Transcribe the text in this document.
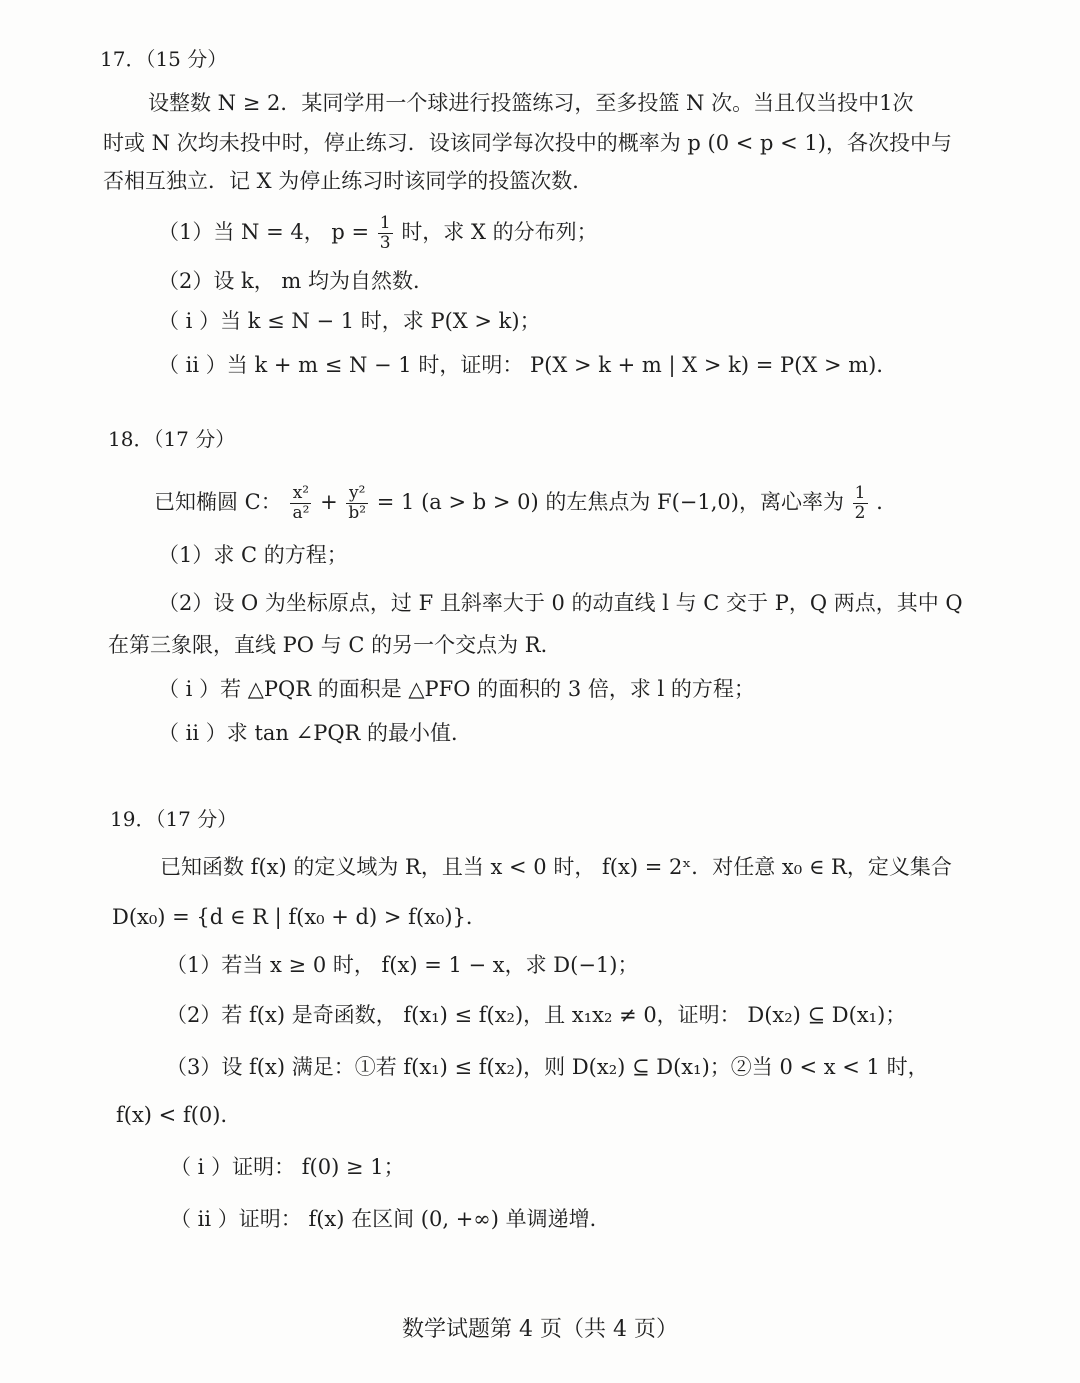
17．（15 分）
设整数 N ≥ 2．某同学用一个球进行投篮练习，至多投篮 N 次。当且仅当投中1次
时或 N 次均未投中时，停止练习．设该同学每次投中的概率为 p (0 < p < 1)，各次投中与
否相互独立．记 X 为停止练习时该同学的投篮次数．
（1）当 N = 4， $p = \frac{1}{3}$ 时，求 X 的分布列；
（2）设 k， m 均为自然数．
（ i ）当 k ≤ N − 1 时，求 P(X > k)；
（ ii ）当 k + m ≤ N − 1 时，证明： P(X > k + m | X > k) = P(X > m)．
18．（17 分）
已知椭圆 C： $\frac{\text{x²}}{\text{a²}} + \frac{\text{y²}}{\text{b²}} = 1$ (a > b > 0) 的左焦点为 F(−1,0)，离心率为 $\frac{1}{2}$ ．
（1）求 C 的方程；
（2）设 O 为坐标原点，过 F 且斜率大于 0 的动直线 l 与 C 交于 P，Q 两点，其中 Q
在第三象限，直线 PO 与 C 的另一个交点为 R．
（ i ）若 △PQR 的面积是 △PFO 的面积的 3 倍，求 l 的方程；
（ ii ）求 tan ∠PQR 的最小值．
19．（17 分）
已知函数 f(x) 的定义域为 R，且当 x < 0 时， f(x) = 2ˣ．对任意 x₀ ∈ R，定义集合
D(x₀) = {d ∈ R | f(x₀ + d) > f(x₀)}．
（1）若当 x ≥ 0 时， f(x) = 1 − x，求 D(−1)；
（2）若 f(x) 是奇函数， f(x₁) ≤ f(x₂)，且 x₁x₂ ≠ 0，证明： D(x₂) ⊆ D(x₁)；
（3）设 f(x) 满足：①若 f(x₁) ≤ f(x₂)，则 D(x₂) ⊆ D(x₁)；②当 0 < x < 1 时，
f(x) < f(0)．
（ i ）证明： f(0) ≥ 1；
（ ii ）证明： f(x) 在区间 (0, +∞) 单调递增．
数学试题第 4 页（共 4 页）
